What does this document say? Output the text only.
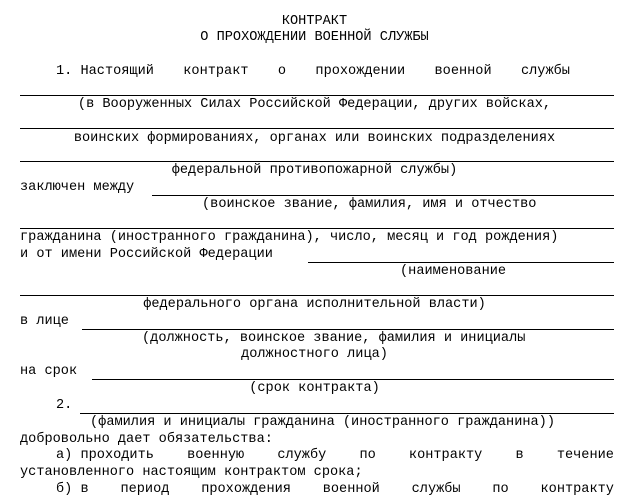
КОНТРАКТ
О ПРОХОЖДЕНИИ ВОЕННОЙ СЛУЖБЫ
1. Настоящий контракт о прохождении военной службы
(в Вооруженных Силах Российской Федерации, других войсках,
воинских формированиях, органах или воинских подразделениях
федеральной противопожарной службы)
заключен между
(воинское звание, фамилия, имя и отчество
гражданина (иностранного гражданина), число, месяц и год рождения)
и от имени Российской Федерации
(наименование
федерального органа исполнительной власти)
в лице
(должность, воинское звание, фамилия и инициалы
должностного лица)
на срок
(срок контракта)
2.
(фамилия и инициалы гражданина (иностранного гражданина))
добровольно дает обязательства:
а) проходить военную службу по контракту в течение
установленного настоящим контрактом срока;
б) в период прохождения военной службы по контракту
